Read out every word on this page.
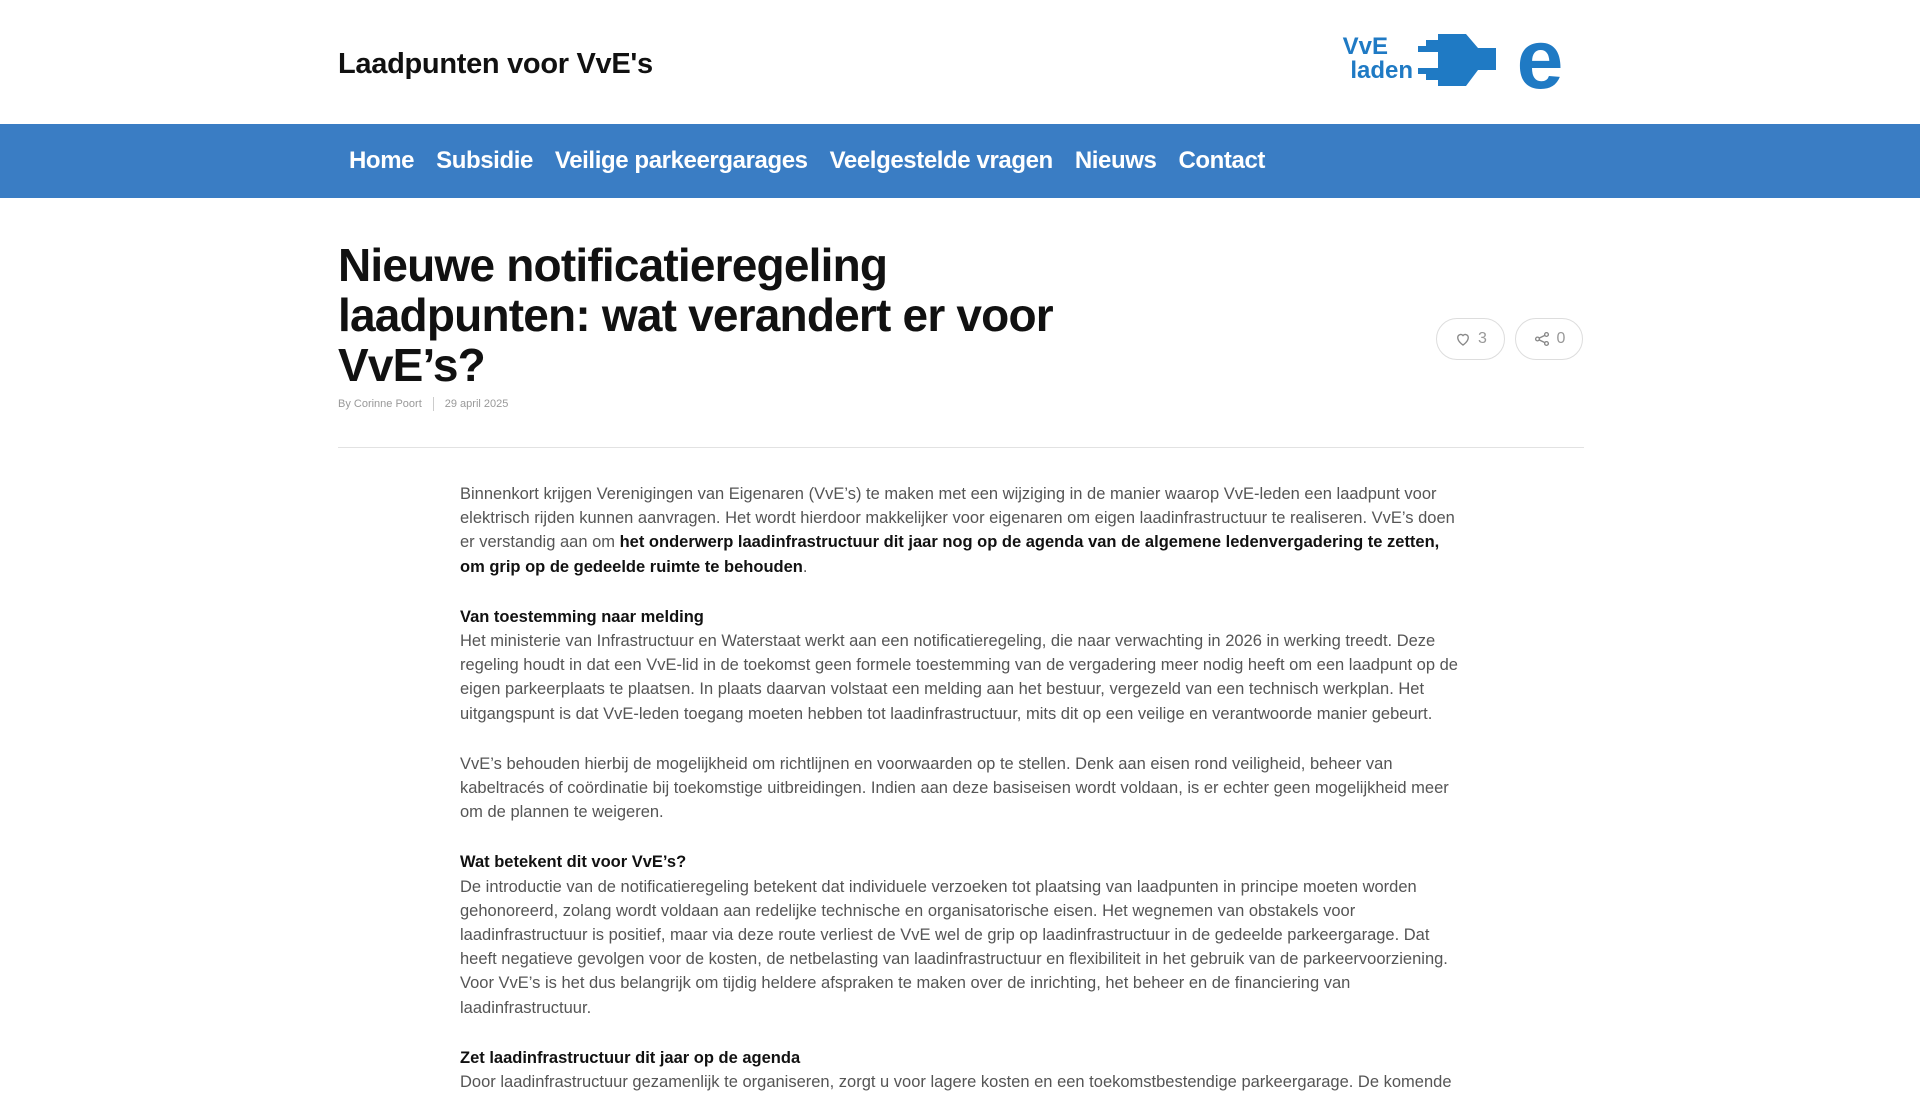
Laadpunten voor VvE's
VvE
laden e
Home Subsidie Veilige parkeergarages Veelgestelde vragen Nieuws Contact
Nieuwe notificatieregeling laadpunten: wat verandert er voor VvE’s?
By Corinne Poort 29 april 2025
3	0

Binnenkort krijgen Verenigingen van Eigenaren (VvE’s) te maken met een wijziging in de manier waarop VvE-leden een laadpunt voor elektrisch rijden kunnen aanvragen. Het wordt hierdoor makkelijker voor eigenaren om eigen laadinfrastructuur te realiseren. VvE’s doen er verstandig aan om het onderwerp laadinfrastructuur dit jaar nog op de agenda van de algemene ledenvergadering te zetten, om grip op de gedeelde ruimte te behouden.

Van toestemming naar melding
Het ministerie van Infrastructuur en Waterstaat werkt aan een notificatieregeling, die naar verwachting in 2026 in werking treedt. Deze regeling houdt in dat een VvE-lid in de toekomst geen formele toestemming van de vergadering meer nodig heeft om een laadpunt op de eigen parkeerplaats te plaatsen. In plaats daarvan volstaat een melding aan het bestuur, vergezeld van een technisch werkplan. Het uitgangspunt is dat VvE-leden toegang moeten hebben tot laadinfrastructuur, mits dit op een veilige en verantwoorde manier gebeurt.

VvE’s behouden hierbij de mogelijkheid om richtlijnen en voorwaarden op te stellen. Denk aan eisen rond veiligheid, beheer van kabeltracés of coördinatie bij toekomstige uitbreidingen. Indien aan deze basiseisen wordt voldaan, is er echter geen mogelijkheid meer om de plannen te weigeren.

Wat betekent dit voor VvE’s?
De introductie van de notificatieregeling betekent dat individuele verzoeken tot plaatsing van laadpunten in principe moeten worden gehonoreerd, zolang wordt voldaan aan redelijke technische en organisatorische eisen. Het wegnemen van obstakels voor laadinfrastructuur is positief, maar via deze route verliest de VvE wel de grip op laadinfrastructuur in de gedeelde parkeergarage. Dat heeft negatieve gevolgen voor de kosten, de netbelasting van laadinfrastructuur en flexibiliteit in het gebruik van de parkeervoorziening. Voor VvE’s is het dus belangrijk om tijdig heldere afspraken te maken over de inrichting, het beheer en de financiering van laadinfrastructuur.

Zet laadinfrastructuur dit jaar op de agenda
Door laadinfrastructuur gezamenlijk te organiseren, zorgt u voor lagere kosten en een toekomstbestendige parkeergarage. De komende
